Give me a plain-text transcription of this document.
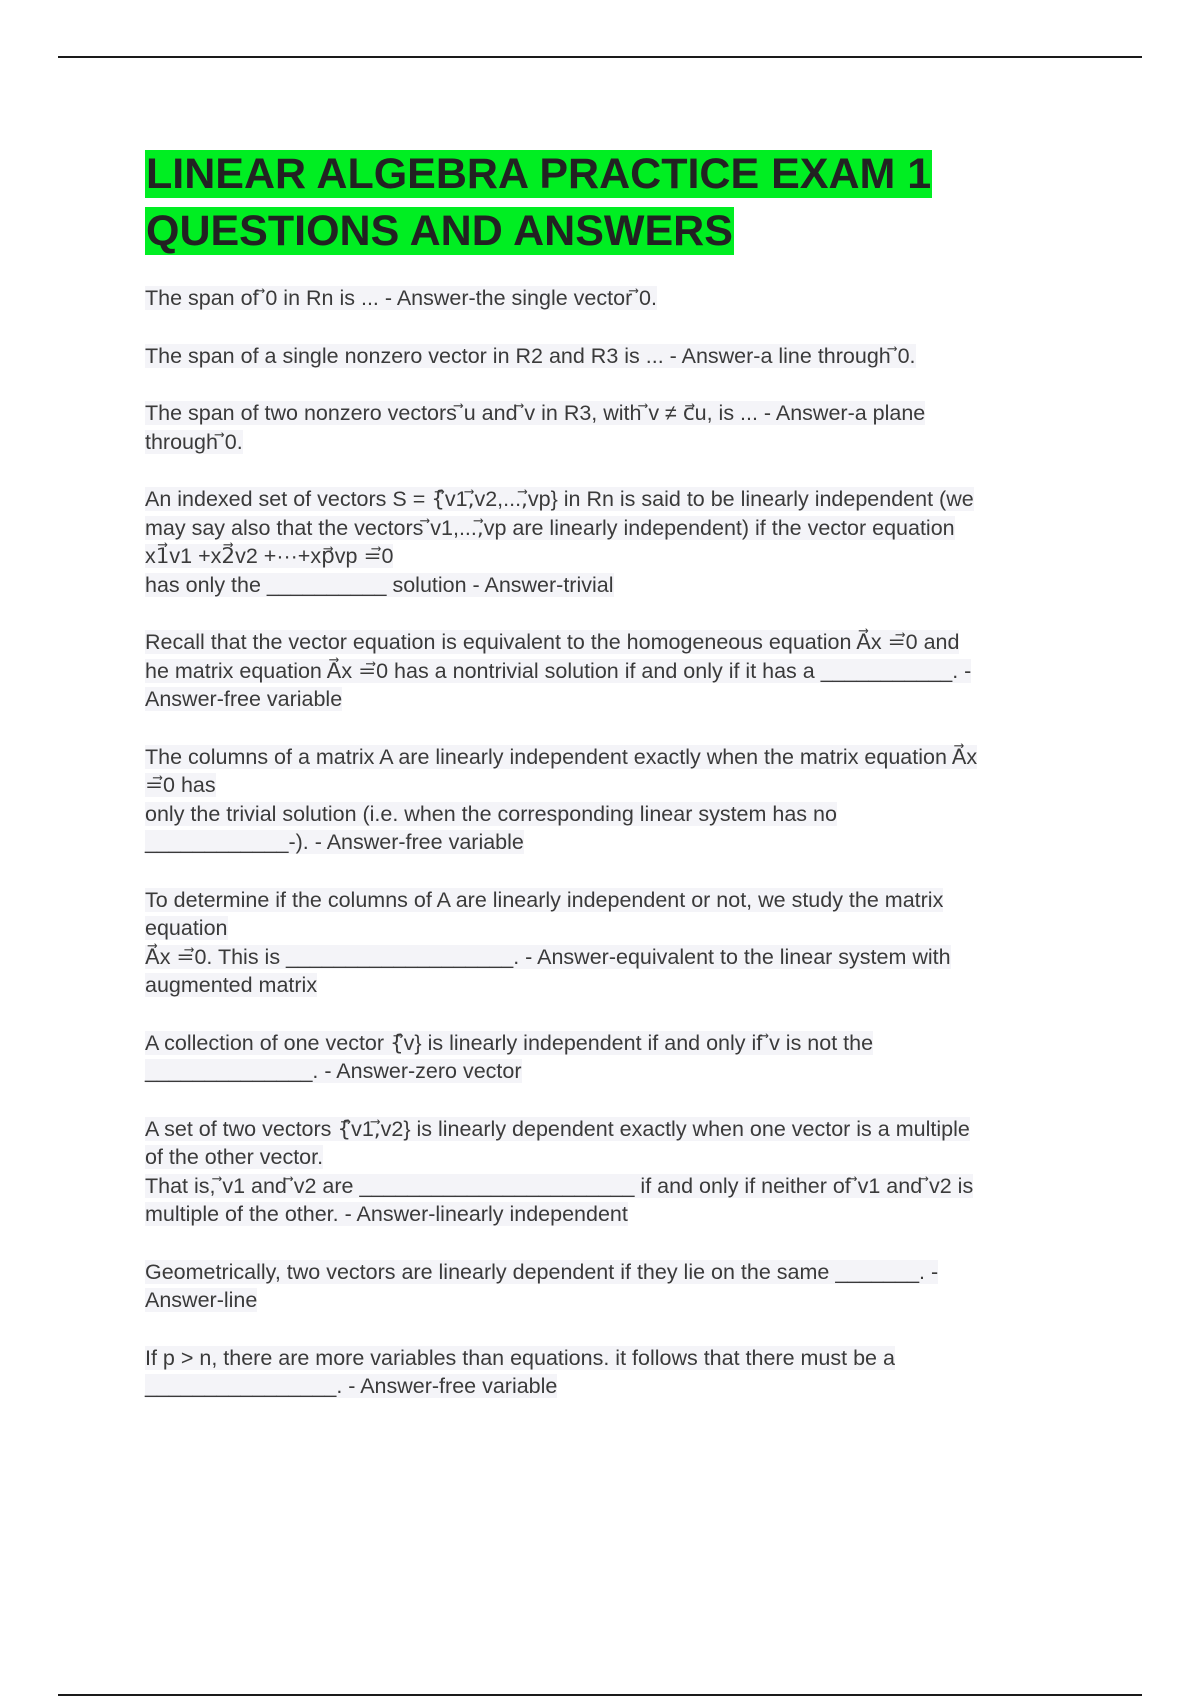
LINEAR ALGEBRA PRACTICE EXAM 1
QUESTIONS AND ANSWERS
The span of ⃗0 in Rn is ... - Answer-the single vector ⃗0.
The span of a single nonzero vector in R2 and R3 is ... - Answer-a line through ⃗0.
The span of two nonzero vectors ⃗u and ⃗v in R3, with ⃗v ≠ c⃗u, is ... - Answer-a plane
through ⃗0.
An indexed set of vectors S = {⃗v1,⃗v2,...,⃗vp} in Rn is said to be linearly independent (we
may say also that the vectors ⃗v1,...,⃗vp are linearly independent) if the vector equation
x1⃗v1 +x2⃗v2 +···+xp⃗vp =⃗0
has only the __________ solution - Answer-trivial
Recall that the vector equation is equivalent to the homogeneous equation A⃗x =⃗0 and
he matrix equation A⃗x =⃗0 has a nontrivial solution if and only if it has a ___________. -
Answer-free variable
The columns of a matrix A are linearly independent exactly when the matrix equation A⃗x
=⃗0 has
only the trivial solution (i.e. when the corresponding linear system has no
____________-). - Answer-free variable
To determine if the columns of A are linearly independent or not, we study the matrix
equation
A⃗x =⃗0. This is ___________________. - Answer-equivalent to the linear system with
augmented matrix
A collection of one vector {⃗v} is linearly independent if and only if ⃗v is not the
______________. - Answer-zero vector
A set of two vectors {⃗v1,⃗v2} is linearly dependent exactly when one vector is a multiple
of the other vector.
That is, ⃗v1 and ⃗v2 are _______________________ if and only if neither of ⃗v1 and ⃗v2 is
multiple of the other. - Answer-linearly independent
Geometrically, two vectors are linearly dependent if they lie on the same _______. -
Answer-line
If p > n, there are more variables than equations. it follows that there must be a
________________. - Answer-free variable
